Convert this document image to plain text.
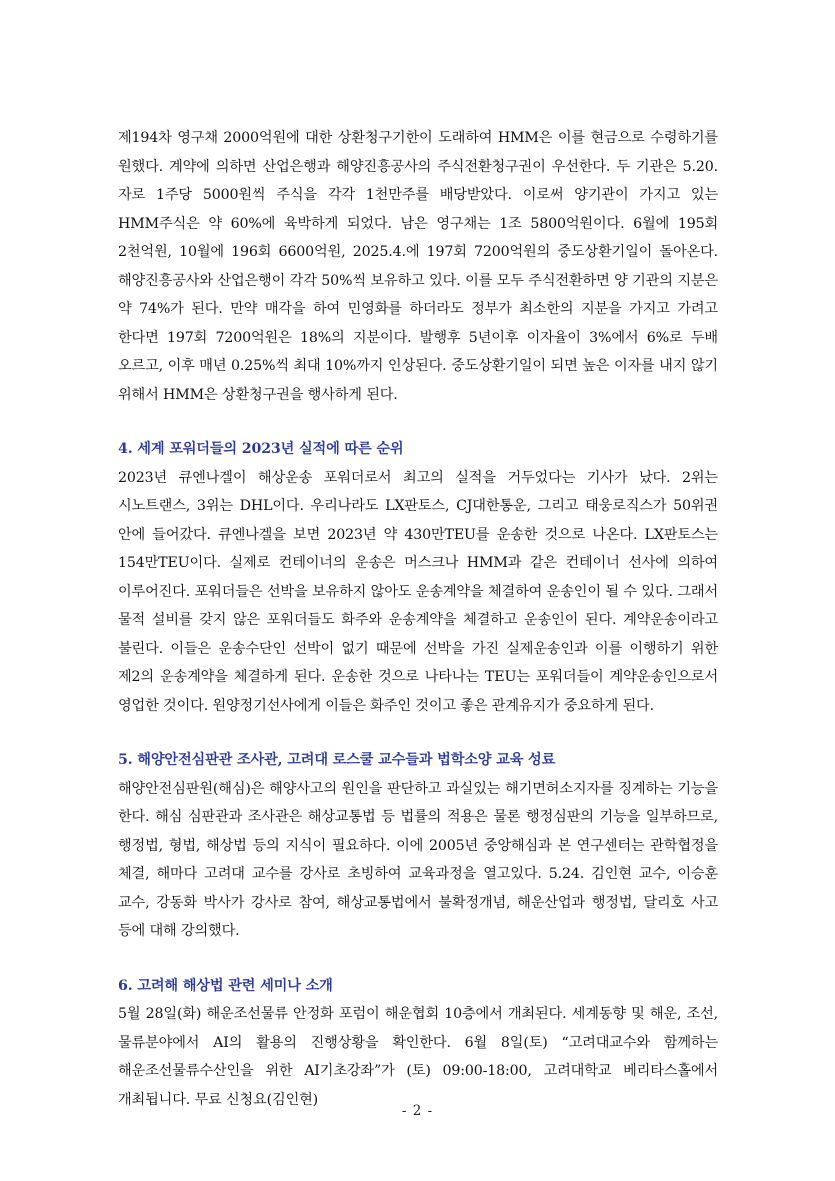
제194차 영구채 2000억원에 대한 상환청구기한이 도래하여 HMM은 이를 현금으로 수령하기를 원했다. 계약에 의하면 산업은행과 해양진흥공사의 주식전환청구권이 우선한다. 두 기관은 5.20.자로 1주당 5000원씩 주식을 각각 1천만주를 배당받았다. 이로써 양기관이 가지고 있는 HMM주식은 약 60%에 육박하게 되었다. 남은 영구채는 1조 5800억원이다. 6월에 195회 2천억원, 10월에 196회 6600억원, 2025.4.에 197회 7200억원의 중도상환기일이 돌아온다. 해양진흥공사와 산업은행이 각각 50%씩 보유하고 있다. 이를 모두 주식전환하면 양 기관의 지분은 약 74%가 된다. 만약 매각을 하여 민영화를 하더라도 정부가 최소한의 지분을 가지고 가려고 한다면 197회 7200억원은 18%의 지분이다. 발행후 5년이후 이자율이 3%에서 6%로 두배 오르고, 이후 매년 0.25%씩 최대 10%까지 인상된다. 중도상환기일이 되면 높은 이자를 내지 않기 위해서 HMM은 상환청구권을 행사하게 된다.

4. 세계 포워더들의 2023년 실적에 따른 순위

2023년 큐엔나겔이 해상운송 포워더로서 최고의 실적을 거두었다는 기사가 났다. 2위는 시노트랜스, 3위는 DHL이다. 우리나라도 LX판토스, CJ대한통운, 그리고 태웅로직스가 50위권 안에 들어갔다. 큐엔나겔을 보면 2023년 약 430만TEU를 운송한 것으로 나온다. LX판토스는 154만TEU이다. 실제로 컨테이너의 운송은 머스크나 HMM과 같은 컨테이너 선사에 의하여 이루어진다. 포워더들은 선박을 보유하지 않아도 운송계약을 체결하여 운송인이 될 수 있다. 그래서 물적 설비를 갖지 않은 포워더들도 화주와 운송계약을 체결하고 운송인이 된다. 계약운송이라고 불린다. 이들은 운송수단인 선박이 없기 때문에 선박을 가진 실제운송인과 이를 이행하기 위한 제2의 운송계약을 체결하게 된다. 운송한 것으로 나타나는 TEU는 포워더들이 계약운송인으로서 영업한 것이다. 원양정기선사에게 이들은 화주인 것이고 좋은 관계유지가 중요하게 된다.

5. 해양안전심판관 조사관, 고려대 로스쿨 교수들과 법학소양 교육 성료

해양안전심판원(해심)은 해양사고의 원인을 판단하고 과실있는 해기면허소지자를 징계하는 기능을 한다. 해심 심판관과 조사관은 해상교통법 등 법률의 적용은 물론 행정심판의 기능을 일부하므로, 행정법, 형법, 해상법 등의 지식이 필요하다. 이에 2005년 중앙해심과 본 연구센터는 관학협정을 체결, 해마다 고려대 교수를 강사로 초빙하여 교육과정을 열고있다. 5.24. 김인현 교수, 이승훈 교수, 강동화 박사가 강사로 참여, 해상교통법에서 불확정개념, 해운산업과 행정법, 달리호 사고 등에 대해 강의했다.

6. 고려해 해상법 관련 세미나 소개

5월 28일(화) 해운조선물류 안정화 포럼이 해운협회 10층에서 개최된다. 세계동향 및 해운, 조선, 물류분야에서 AI의 활용의 진행상황을 확인한다. 6월 8일(토) “고려대교수와 함께하는 해운조선물류수산인을 위한 AI기초강좌”가 (토) 09:00-18:00, 고려대학교 베리타스홀에서 개최됩니다. 무료 신청요(김인현)

- 2 -
